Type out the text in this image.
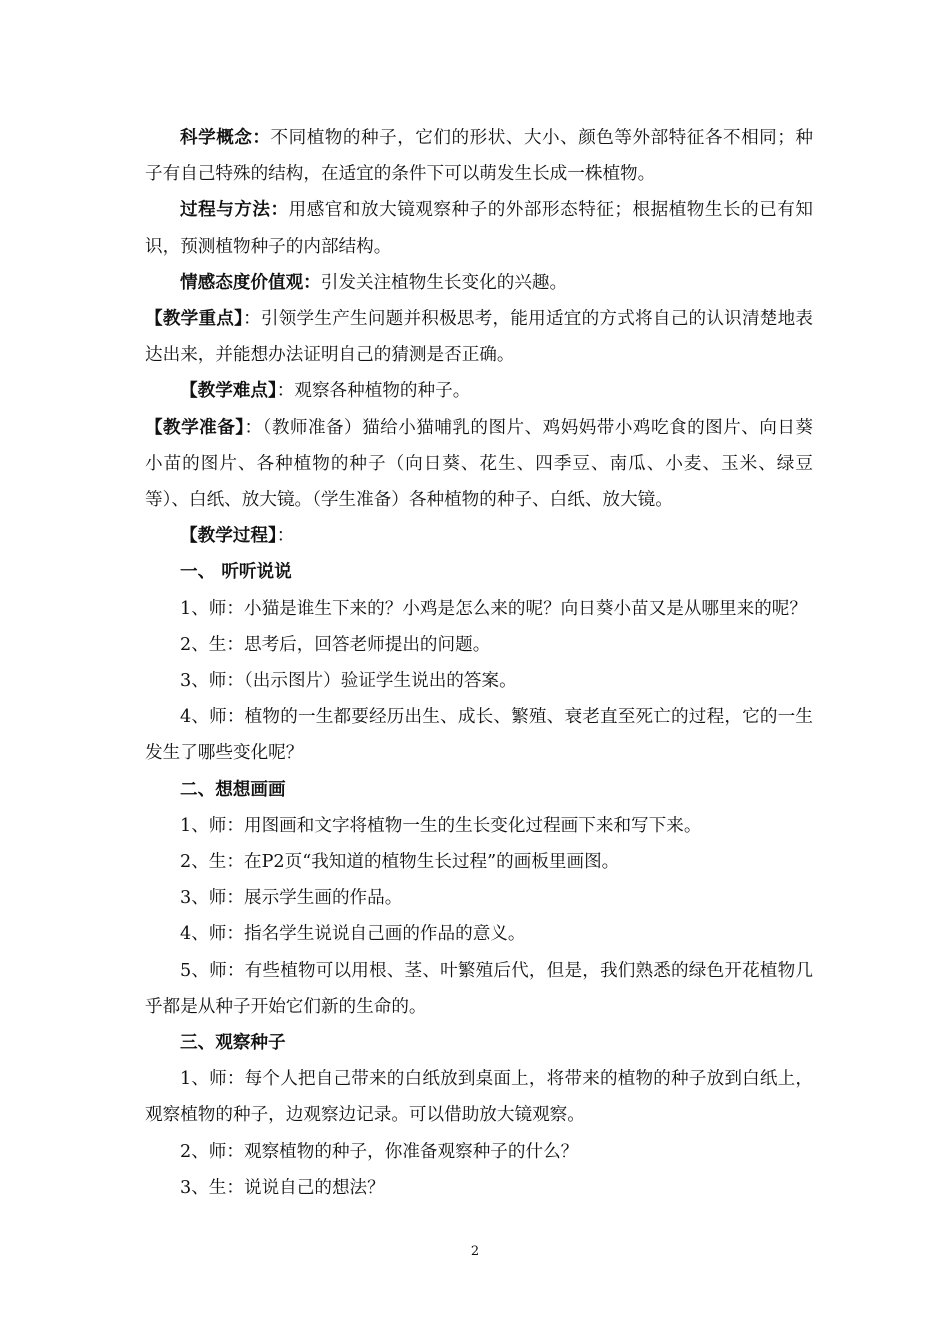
科学概念：不同植物的种子，它们的形状、大小、颜色等外部特征各不相同；种子有自己特殊的结构，在适宜的条件下可以萌发生长成一株植物。

过程与方法：用感官和放大镜观察种子的外部形态特征；根据植物生长的已有知识，预测植物种子的内部结构。

情感态度价值观：引发关注植物生长变化的兴趣。

【教学重点】：引领学生产生问题并积极思考，能用适宜的方式将自己的认识清楚地表达出来，并能想办法证明自己的猜测是否正确。

【教学难点】：观察各种植物的种子。

【教学准备】：（教师准备）猫给小猫哺乳的图片、鸡妈妈带小鸡吃食的图片、向日葵小苗的图片、各种植物的种子（向日葵、花生、四季豆、南瓜、小麦、玉米、绿豆等）、白纸、放大镜。（学生准备）各种植物的种子、白纸、放大镜。

【教学过程】：

一、 听听说说

1、师：小猫是谁生下来的？小鸡是怎么来的呢？向日葵小苗又是从哪里来的呢？

2、生：思考后，回答老师提出的问题。

3、师：（出示图片）验证学生说出的答案。

4、师：植物的一生都要经历出生、成长、繁殖、衰老直至死亡的过程，它的一生发生了哪些变化呢？

二、想想画画

1、师：用图画和文字将植物一生的生长变化过程画下来和写下来。

2、生：在P2页“我知道的植物生长过程”的画板里画图。

3、师：展示学生画的作品。

4、师：指名学生说说自己画的作品的意义。

5、师：有些植物可以用根、茎、叶繁殖后代，但是，我们熟悉的绿色开花植物几乎都是从种子开始它们新的生命的。

三、观察种子

1、师：每个人把自己带来的白纸放到桌面上，将带来的植物的种子放到白纸上，观察植物的种子，边观察边记录。可以借助放大镜观察。

2、师：观察植物的种子，你准备观察种子的什么？

3、生：说说自己的想法？

2
